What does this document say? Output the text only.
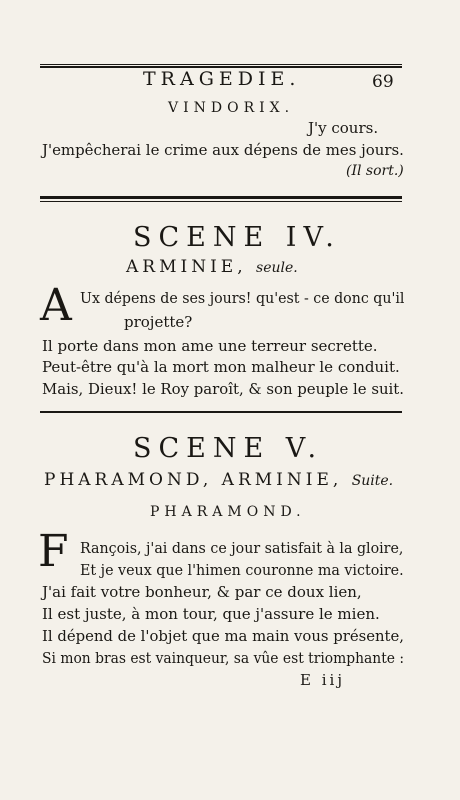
TRAGEDIE.	69
VINDORIX.
J'y cours.
J'empêcherai le crime aux dépens de mes jours.
(Il sort.)
SCENE IV.
ARMINIE, seule.
A Ux dépens de ses jours! qu'est - ce donc qu'il
projette?
Il porte dans mon ame une terreur secrette.
Peut-être qu'à la mort mon malheur le conduit.
Mais, Dieux! le Roy paroît, & son peuple le suit.
SCENE V.
PHARAMOND, ARMINIE, Suite.
PHARAMOND.
F Rançois, j'ai dans ce jour satisfait à la gloire,
Et je veux que l'himen couronne ma victoire.
J'ai fait votre bonheur, & par ce doux lien,
Il est juste, à mon tour, que j'assure le mien.
Il dépend de l'objet que ma main vous présente,
Si mon bras est vainqueur, sa vûe est triomphante :
E iij
